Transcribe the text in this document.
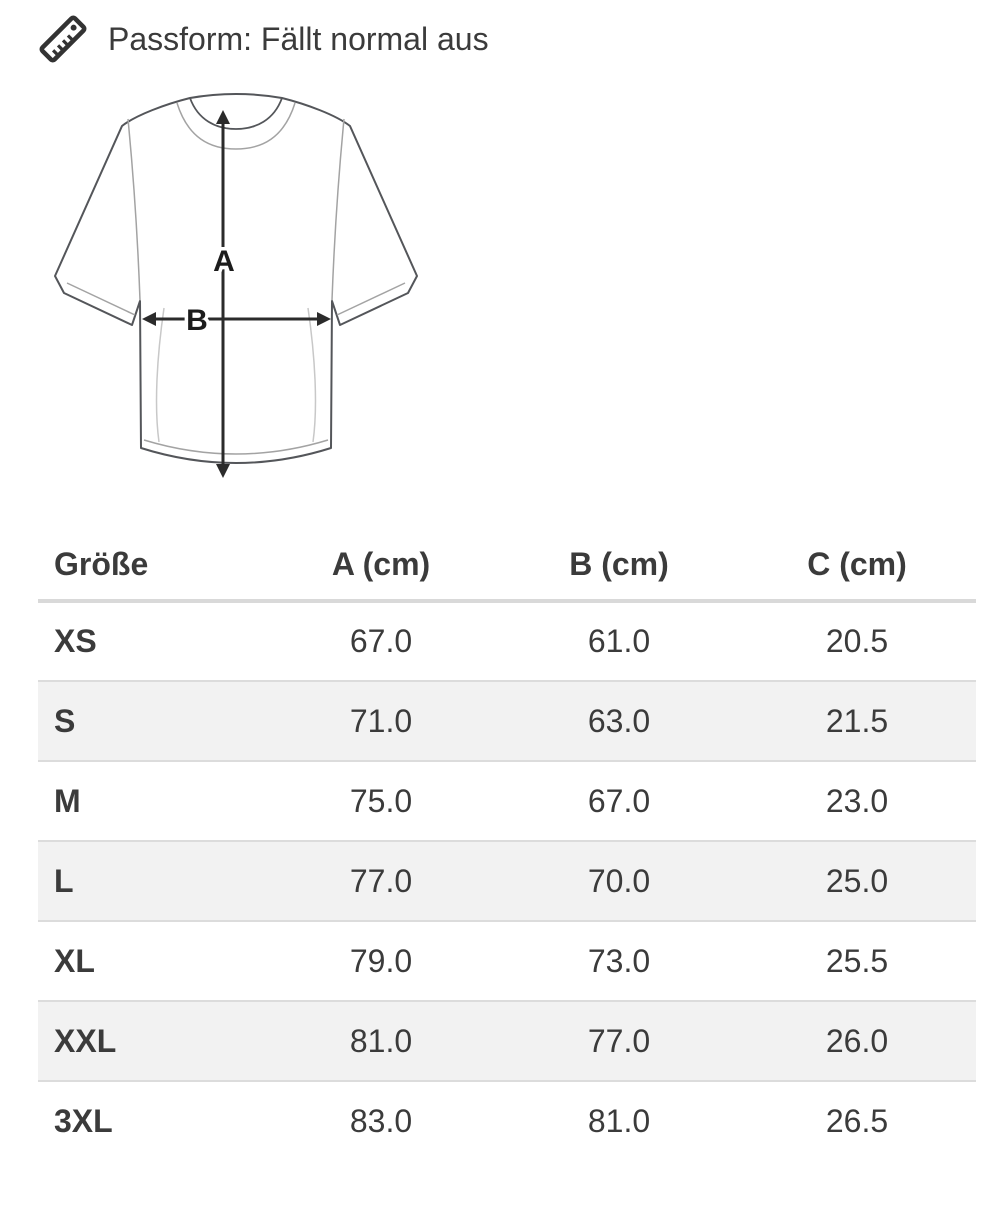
Passform: Fällt normal aus
A
B
Größe	A (cm)	B (cm)	C (cm)
XS	67.0	61.0	20.5
S	71.0	63.0	21.5
M	75.0	67.0	23.0
L	77.0	70.0	25.0
XL	79.0	73.0	25.5
XXL	81.0	77.0	26.0
3XL	83.0	81.0	26.5
